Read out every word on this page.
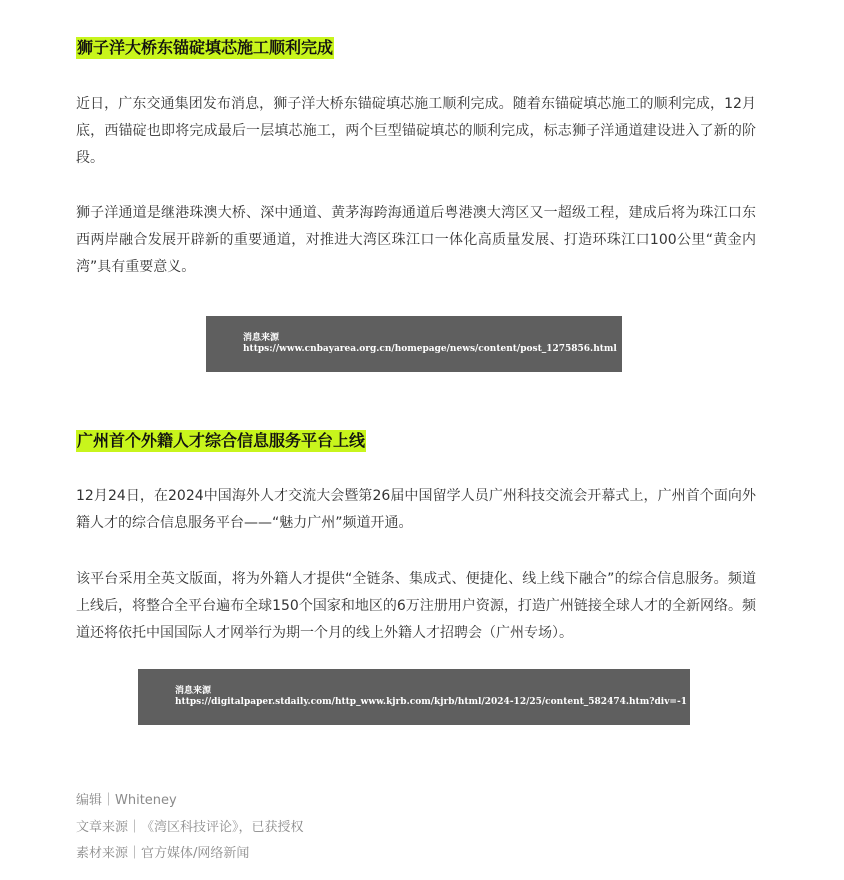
狮子洋大桥东锚碇填芯施工顺利完成

近日，广东交通集团发布消息，狮子洋大桥东锚碇填芯施工顺利完成。随着东锚碇填芯施工的顺利完成，12月底，西锚碇也即将完成最后一层填芯施工，两个巨型锚碇填芯的顺利完成，标志狮子洋通道建设进入了新的阶段。

狮子洋通道是继港珠澳大桥、深中通道、黄茅海跨海通道后粤港澳大湾区又一超级工程，建成后将为珠江口东西两岸融合发展开辟新的重要通道，对推进大湾区珠江口一体化高质量发展、打造环珠江口100公里“黄金内湾”具有重要意义。

消息来源
https://www.cnbayarea.org.cn/homepage/news/content/post_1275856.html
广州首个外籍人才综合信息服务平台上线

12月24日，在2024中国海外人才交流大会暨第26届中国留学人员广州科技交流会开幕式上，广州首个面向外籍人才的综合信息服务平台——“魅力广州”频道开通。

该平台采用全英文版面，将为外籍人才提供“全链条、集成式、便捷化、线上线下融合”的综合信息服务。频道上线后，将整合全平台遍布全球150个国家和地区的6万注册用户资源，打造广州链接全球人才的全新网络。频道还将依托中国国际人才网举行为期一个月的线上外籍人才招聘会（广州专场）。

消息来源
https://digitalpaper.stdaily.com/http_www.kjrb.com/kjrb/html/2024-12/25/content_582474.htm?div=-1
编辑｜Whiteney
文章来源｜《湾区科技评论》，已获授权
素材来源｜官方媒体/网络新闻
